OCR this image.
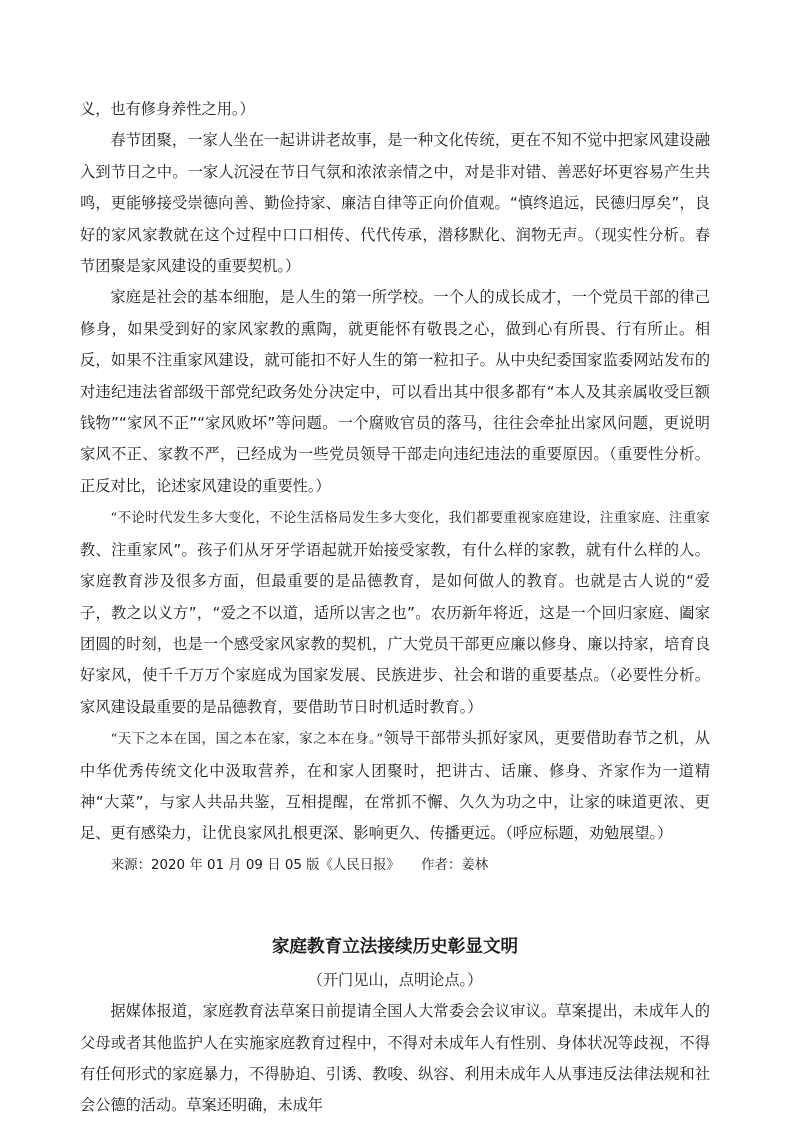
义，也有修身养性之用。）

春节团聚，一家人坐在一起讲讲老故事，是一种文化传统，更在不知不觉中把家风建设融入到节日之中。一家人沉浸在节日气氛和浓浓亲情之中，对是非对错、善恶好坏更容易产生共鸣，更能够接受崇德向善、勤俭持家、廉洁自律等正向价值观。“慎终追远，民德归厚矣”，良好的家风家教就在这个过程中口口相传、代代传承，潜移默化、润物无声。（现实性分析。春节团聚是家风建设的重要契机。）

家庭是社会的基本细胞，是人生的第一所学校。一个人的成长成才，一个党员干部的律己修身，如果受到好的家风家教的熏陶，就更能怀有敬畏之心，做到心有所畏、行有所止。相反，如果不注重家风建设，就可能扣不好人生的第一粒扣子。从中央纪委国家监委网站发布的对违纪违法省部级干部党纪政务处分决定中，可以看出其中很多都有“本人及其亲属收受巨额钱物”“家风不正”“家风败坏”等问题。一个腐败官员的落马，往往会牵扯出家风问题，更说明家风不正、家教不严，已经成为一些党员领导干部走向违纪违法的重要原因。（重要性分析。正反对比，论述家风建设的重要性。）

“不论时代发生多大变化，不论生活格局发生多大变化，我们都要重视家庭建设，注重家庭、注重家教、注重家风”。孩子们从牙牙学语起就开始接受家教，有什么样的家教，就有什么样的人。家庭教育涉及很多方面，但最重要的是品德教育，是如何做人的教育。也就是古人说的“爱子，教之以义方”，“爱之不以道，适所以害之也”。农历新年将近，这是一个回归家庭、阖家团圆的时刻，也是一个感受家风家教的契机，广大党员干部更应廉以修身、廉以持家，培育良好家风，使千千万万个家庭成为国家发展、民族进步、社会和谐的重要基点。（必要性分析。家风建设最重要的是品德教育，要借助节日时机适时教育。）

“天下之本在国，国之本在家，家之本在身。”领导干部带头抓好家风，更要借助春节之机，从中华优秀传统文化中汲取营养，在和家人团聚时，把讲古、话廉、修身、齐家作为一道精神“大菜”，与家人共品共鉴，互相提醒，在常抓不懈、久久为功之中，让家的味道更浓、更足、更有感染力，让优良家风扎根更深、影响更久、传播更远。（呼应标题，劝勉展望。）

来源：2020 年 01 月 09 日 05 版《人民日报》     作者：姜林

家庭教育立法接续历史彰显文明

（开门见山，点明论点。）

据媒体报道，家庭教育法草案日前提请全国人大常委会会议审议。草案提出，未成年人的父母或者其他监护人在实施家庭教育过程中，不得对未成年人有性别、身体状况等歧视，不得有任何形式的家庭暴力，不得胁迫、引诱、教唆、纵容、利用未成年人从事违反法律法规和社会公德的活动。草案还明确，未成年
